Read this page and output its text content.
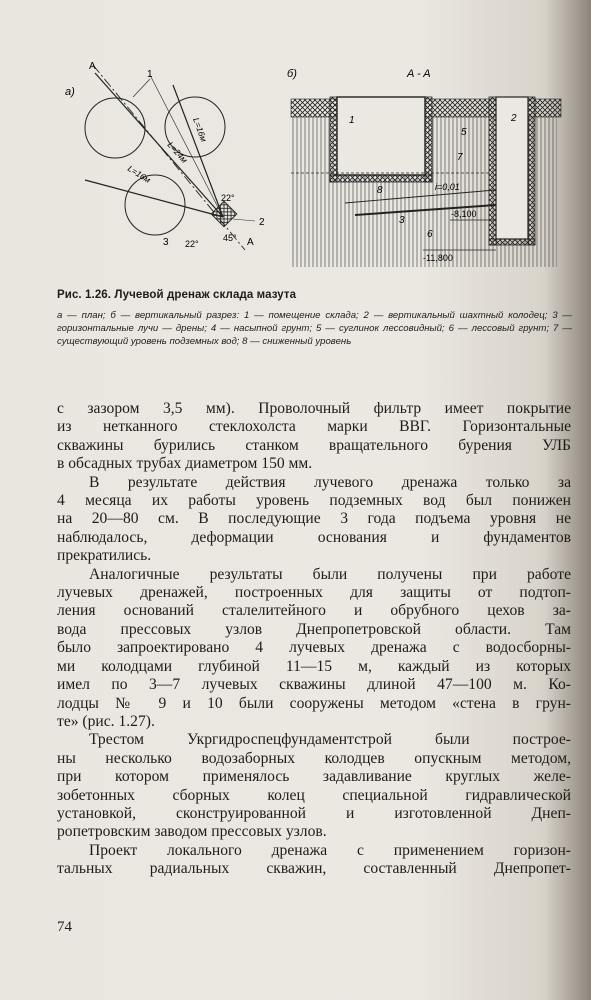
а)
A
A
1
2
3
L=16м
L=24м
L=16м
22°
22°
45°
б)	A - A
i=0,01
-8,100
-11,800
1	2
3
5
6
7
8
Рис. 1.26. Лучевой дренаж склада мазута
а — план; б — вертикальный разрез: 1 — помещение склада; 2 — вертикальный шахтный колодец; 3 — горизонтальные лучи — дрены; 4 — насыпной грунт; 5 — суглинок лессовидный; 6 — лессовый грунт; 7 — существующий уровень подземных вод; 8 — сниженный уровень

с зазором 3,5 мм). Проволочный фильтр имеет покрытие
из нетканного стеклохолста марки ВВГ. Горизонтальные
скважины бурились станком вращательного бурения УЛБ
в обсадных трубах диаметром 150 мм.

В результате действия лучевого дренажа только за
4 месяца их работы уровень подземных вод был понижен
на 20—80 см. В последующие 3 года подъема уровня не
наблюдалось, деформации основания и фундаментов
прекратились.

Аналогичные результаты были получены при работе
лучевых дренажей, построенных для защиты от подтоп-
ления оснований сталелитейного и обрубного цехов за-
вода прессовых узлов Днепропетровской области. Там
было запроектировано 4 лучевых дренажа с водосборны-
ми колодцами глубиной 11—15 м, каждый из которых
имел по 3—7 лучевых скважины длиной 47—100 м. Ко-
лодцы № 9 и 10 были сооружены методом «стена в грун-
те» (рис. 1.27).

Трестом Укргидроспецфундаментстрой были построе-
ны несколько водозаборных колодцев опускным методом,
при котором применялось задавливание круглых желе-
зобетонных сборных колец специальной гидравлической
установкой, сконструированной и изготовленной Днеп-
ропетровским заводом прессовых узлов.

Проект локального дренажа с применением горизон-
тальных радиальных скважин, составленный Днепропет-

74
